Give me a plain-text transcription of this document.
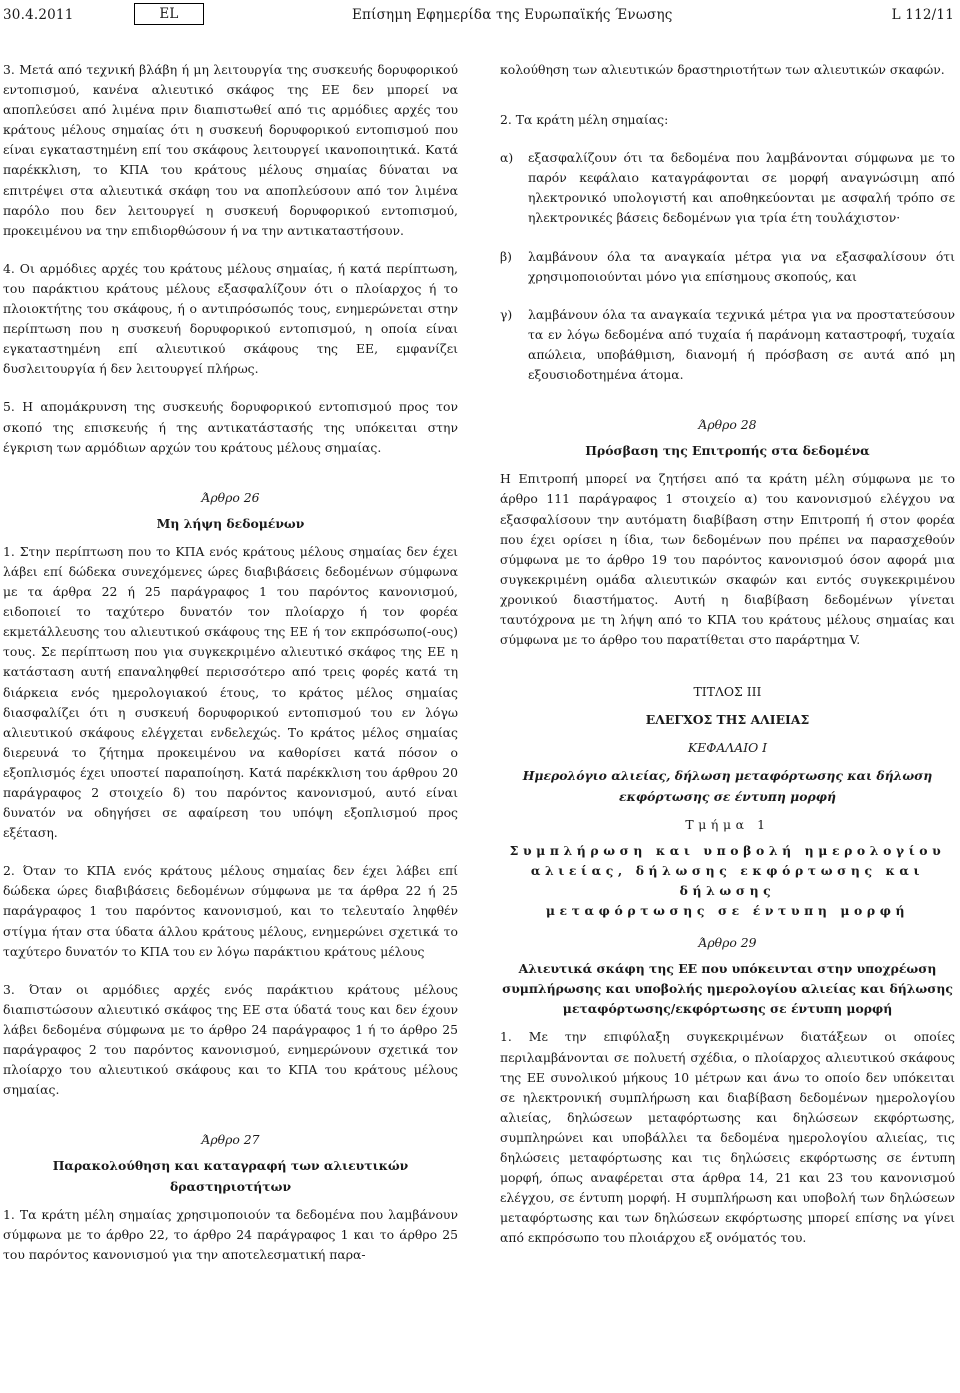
30.4.2011	EL	Επίσημη Εφημερίδα της Ευρωπαϊκής Ένωσης	L 112/11

3. Μετά από τεχνική βλάβη ή μη λειτουργία της συσκευής δορυφορικού εντοπισμού, κανένα αλιευτικό σκάφος της ΕΕ δεν μπορεί να αποπλεύσει από λιμένα πριν διαπιστωθεί από τις αρμόδιες αρχές του κράτους μέλους σημαίας ότι η συσκευή δορυφορικού εντοπισμού που είναι εγκαταστημένη επί του σκάφους λειτουργεί ικανοποιητικά. Κατά παρέκκλιση, το ΚΠΑ του κράτους μέλους σημαίας δύναται να επιτρέψει στα αλιευτικά σκάφη του να αποπλεύσουν από τον λιμένα παρόλο που δεν λειτουργεί η συσκευή δορυφορικού εντοπισμού, προκειμένου να την επιδιορθώσουν ή να την αντικαταστήσουν.

4. Οι αρμόδιες αρχές του κράτους μέλους σημαίας, ή κατά περίπτωση, του παράκτιου κράτους μέλους εξασφαλίζουν ότι ο πλοίαρχος ή το πλοιοκτήτης του σκάφους, ή ο αντιπρόσωπός τους, ενημερώνεται στην περίπτωση που η συσκευή δορυφορικού εντοπισμού, η οποία είναι εγκαταστημένη επί αλιευτικού σκάφους της ΕΕ, εμφανίζει δυσλειτουργία ή δεν λειτουργεί πλήρως.

5. Η απομάκρυνση της συσκευής δορυφορικού εντοπισμού προς τον σκοπό της επισκευής ή της αντικατάστασής της υπόκειται στην έγκριση των αρμόδιων αρχών του κράτους μέλους σημαίας.

Άρθρο 26
Μη λήψη δεδομένων

1. Στην περίπτωση που το ΚΠΑ ενός κράτους μέλους σημαίας δεν έχει λάβει επί δώδεκα συνεχόμενες ώρες διαβιβάσεις δεδομένων σύμφωνα με τα άρθρα 22 ή 25 παράγραφος 1 του παρόντος κανονισμού, ειδοποιεί το ταχύτερο δυνατόν τον πλοίαρχο ή τον φορέα εκμετάλλευσης του αλιευτικού σκάφους της ΕΕ ή τον εκπρόσωπο(-ους) τους. Σε περίπτωση που για συγκεκριμένο αλιευτικό σκάφος της ΕΕ η κατάσταση αυτή επαναληφθεί περισσότερο από τρεις φορές κατά τη διάρκεια ενός ημερολογιακού έτους, το κράτος μέλος σημαίας διασφαλίζει ότι η συσκευή δορυφορικού εντοπισμού του εν λόγω αλιευτικού σκάφους ελέγχεται ενδελεχώς. Το κράτος μέλος σημαίας διερευνά το ζήτημα προκειμένου να καθορίσει κατά πόσον ο εξοπλισμός έχει υποστεί παραποίηση. Κατά παρέκκλιση του άρθρου 20 παράγραφος 2 στοιχείο δ) του παρόντος κανονισμού, αυτό είναι δυνατόν να οδηγήσει σε αφαίρεση του υπόψη εξοπλισμού προς εξέταση.

2. Όταν το ΚΠΑ ενός κράτους μέλους σημαίας δεν έχει λάβει επί δώδεκα ώρες διαβιβάσεις δεδομένων σύμφωνα με τα άρθρα 22 ή 25 παράγραφος 1 του παρόντος κανονισμού, και το τελευταίο ληφθέν στίγμα ήταν στα ύδατα άλλου κράτους μέλους, ενημερώνει σχετικά το ταχύτερο δυνατόν το ΚΠΑ του εν λόγω παράκτιου κράτους μέλους

3. Όταν οι αρμόδιες αρχές ενός παράκτιου κράτους μέλους διαπιστώσουν αλιευτικό σκάφος της ΕΕ στα ύδατά τους και δεν έχουν λάβει δεδομένα σύμφωνα με το άρθρο 24 παράγραφος 1 ή το άρθρο 25 παράγραφος 2 του παρόντος κανονισμού, ενημερώνουν σχετικά τον πλοίαρχο του αλιευτικού σκάφους και το ΚΠΑ του κράτους μέλους σημαίας.

Άρθρο 27
Παρακολούθηση και καταγραφή των αλιευτικών δραστηριοτήτων

1. Τα κράτη μέλη σημαίας χρησιμοποιούν τα δεδομένα που λαμβάνουν σύμφωνα με το άρθρο 22, το άρθρο 24 παράγραφος 1 και το άρθρο 25 του παρόντος κανονισμού για την αποτελεσματική παρα-

κολούθηση των αλιευτικών δραστηριοτήτων των αλιευτικών σκαφών.

2. Τα κράτη μέλη σημαίας:

α)	εξασφαλίζουν ότι τα δεδομένα που λαμβάνονται σύμφωνα με το παρόν κεφάλαιο καταγράφονται σε μορφή αναγνώσιμη από ηλεκτρονικό υπολογιστή και αποθηκεύονται με ασφαλή τρόπο σε ηλεκτρονικές βάσεις δεδομένων για τρία έτη τουλάχιστον·
β)	λαμβάνουν όλα τα αναγκαία μέτρα για να εξασφαλίσουν ότι χρησιμοποιούνται μόνο για επίσημους σκοπούς, και
γ)	λαμβάνουν όλα τα αναγκαία τεχνικά μέτρα για να προστατεύσουν τα εν λόγω δεδομένα από τυχαία ή παράνομη καταστροφή, τυχαία απώλεια, υποβάθμιση, διανομή ή πρόσβαση σε αυτά από μη εξουσιοδοτημένα άτομα.
Άρθρο 28
Πρόσβαση της Επιτροπής στα δεδομένα

Η Επιτροπή μπορεί να ζητήσει από τα κράτη μέλη σύμφωνα με το άρθρο 111 παράγραφος 1 στοιχείο α) του κανονισμού ελέγχου να εξασφαλίσουν την αυτόματη διαβίβαση στην Επιτροπή ή στον φορέα που έχει ορίσει η ίδια, των δεδομένων που πρέπει να παρασχεθούν σύμφωνα με το άρθρο 19 του παρόντος κανονισμού όσον αφορά μια συγκεκριμένη ομάδα αλιευτικών σκαφών και εντός συγκεκριμένου χρονικού διαστήματος. Αυτή η διαβίβαση δεδομένων γίνεται ταυτόχρονα με τη λήψη από το ΚΠΑ του κράτους μέλους σημαίας και σύμφωνα με το άρθρο του παρατίθεται στο παράρτημα V.

ΤΙΤΛΟΣ III
ΕΛΕΓΧΟΣ ΤΗΣ ΑΛΙΕΙΑΣ
ΚΕΦΑΛΑΙΟ I
Ημερολόγιο αλιείας, δήλωση μεταφόρτωσης και δήλωση εκφόρτωσης σε έντυπη μορφή
Τμήμα 1
Συμπλήρωση και υποβολή ημερολογίου
αλιείας, δήλωσης εκφόρτωσης και δήλωσης
μεταφόρτωσης σε έντυπη μορφή
Άρθρο 29
Αλιευτικά σκάφη της ΕΕ που υπόκεινται στην υποχρέωση συμπλήρωσης και υποβολής ημερολογίου αλιείας και δήλωσης μεταφόρτωσης/εκφόρτωσης σε έντυπη μορφή

1. Με την επιφύλαξη συγκεκριμένων διατάξεων οι οποίες περιλαμβάνονται σε πολυετή σχέδια, ο πλοίαρχος αλιευτικού σκάφους της ΕΕ συνολικού μήκους 10 μέτρων και άνω το οποίο δεν υπόκειται σε ηλεκτρονική συμπλήρωση και διαβίβαση δεδομένων ημερολογίου αλιείας, δηλώσεων μεταφόρτωσης και δηλώσεων εκφόρτωσης, συμπληρώνει και υποβάλλει τα δεδομένα ημερολογίου αλιείας, τις δηλώσεις μεταφόρτωσης και τις δηλώσεις εκφόρτωσης σε έντυπη μορφή, όπως αναφέρεται στα άρθρα 14, 21 και 23 του κανονισμού ελέγχου, σε έντυπη μορφή. Η συμπλήρωση και υποβολή των δηλώσεων μεταφόρτωσης και των δηλώσεων εκφόρτωσης μπορεί επίσης να γίνει από εκπρόσωπο του πλοιάρχου εξ ονόματός του.
